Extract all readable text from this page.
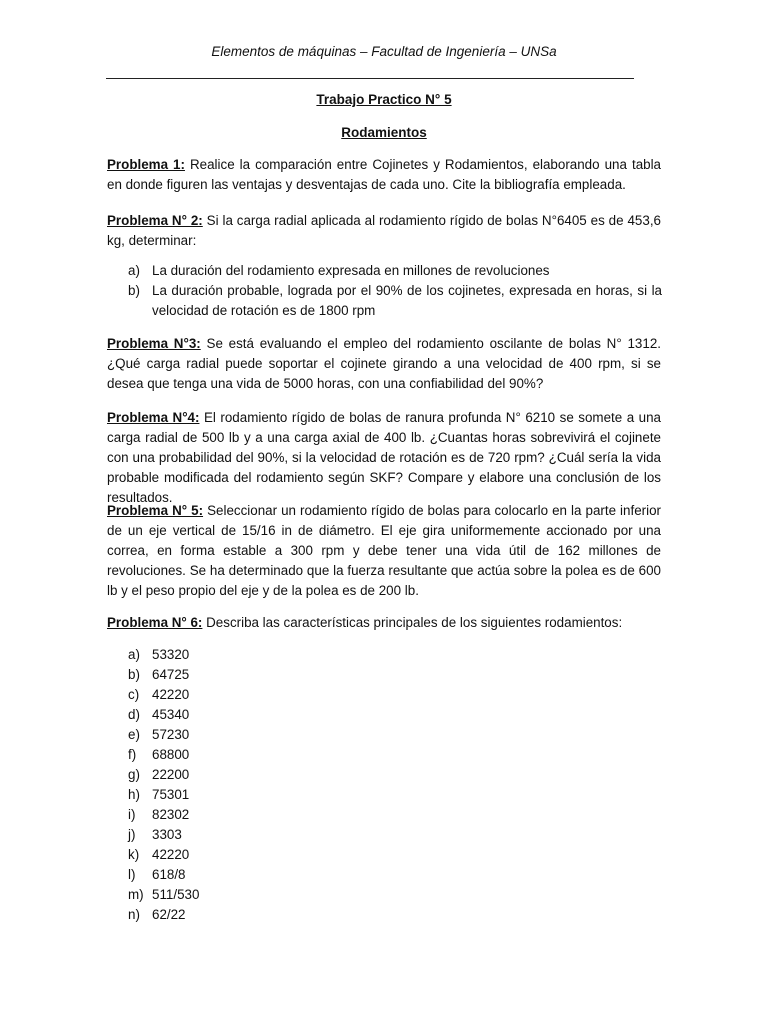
Elementos de máquinas – Facultad de Ingeniería – UNSa
Trabajo Practico N° 5
Rodamientos
Problema 1: Realice la comparación entre Cojinetes y Rodamientos, elaborando una tabla en donde figuren las ventajas y desventajas de cada uno. Cite la bibliografía empleada.
Problema N° 2: Si la carga radial aplicada al rodamiento rígido de bolas N°6405 es de 453,6 kg, determinar:
a) La duración del rodamiento expresada en millones de revoluciones
b) La duración probable, lograda por el 90% de los cojinetes, expresada en horas, si la velocidad de rotación es de 1800 rpm
Problema N°3: Se está evaluando el empleo del rodamiento oscilante de bolas N° 1312. ¿Qué carga radial puede soportar el cojinete girando a una velocidad de 400 rpm, si se desea que tenga una vida de 5000 horas, con una confiabilidad del 90%?
Problema N°4: El rodamiento rígido de bolas de ranura profunda N° 6210 se somete a una carga radial de 500 lb y a una carga axial de 400 lb. ¿Cuantas horas sobrevivirá el cojinete con una probabilidad del 90%, si la velocidad de rotación es de 720 rpm? ¿Cuál sería la vida probable modificada del rodamiento según SKF? Compare y elabore una conclusión de los resultados.
Problema N° 5: Seleccionar un rodamiento rígido de bolas para colocarlo en la parte inferior de un eje vertical de 15/16 in de diámetro. El eje gira uniformemente accionado por una correa, en forma estable a 300 rpm y debe tener una vida útil de 162 millones de revoluciones. Se ha determinado que la fuerza resultante que actúa sobre la polea es de 600 lb y el peso propio del eje y de la polea es de 200 lb.
Problema N° 6: Describa las características principales de los siguientes rodamientos:
a) 53320
b) 64725
c) 42220
d) 45340
e) 57230
f) 68800
g) 22200
h) 75301
i) 82302
j) 3303
k) 42220
l) 618/8
m) 511/530
n) 62/22
